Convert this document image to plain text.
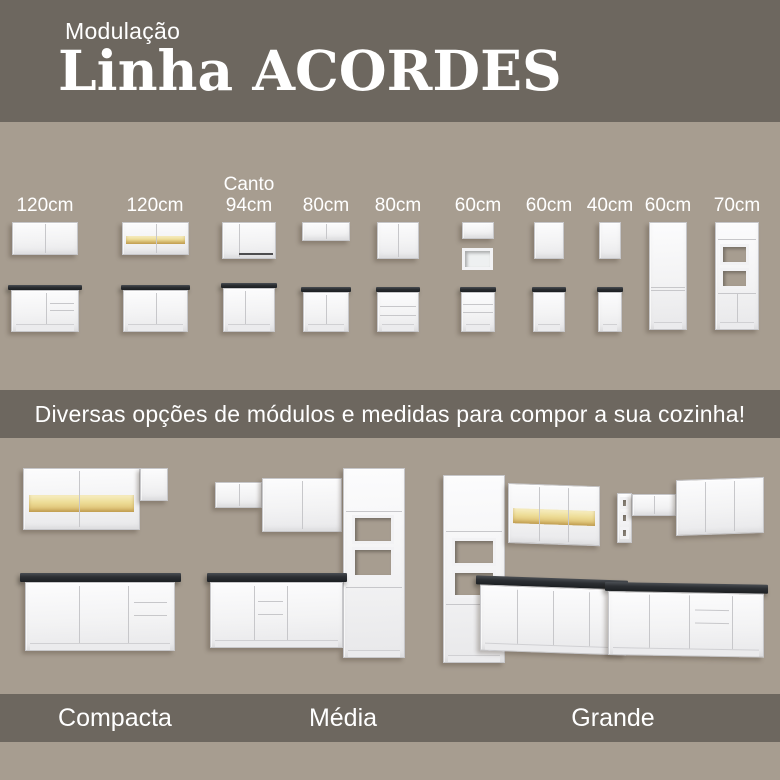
Modulação
Linha ACORDES
120cm	120cm
Canto
94cm	80cm	80cm	60cm	60cm 40cm 60cm	70cm
Diversas opções de módulos e medidas para compor a sua cozinha!
Compacta	Média	Grande
